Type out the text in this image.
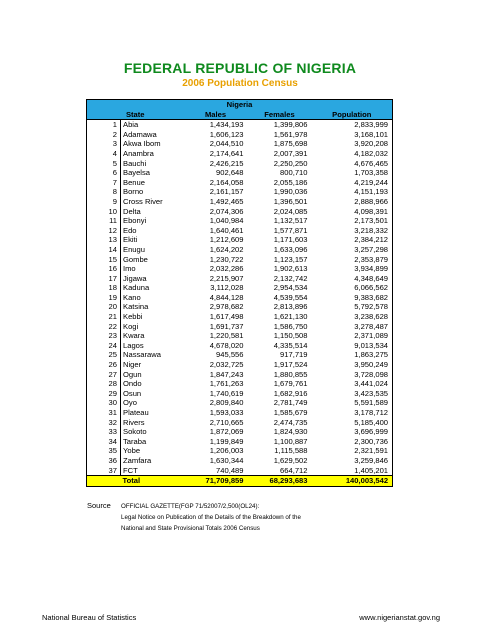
FEDERAL REPUBLIC OF NIGERIA
2006 Population Census
Nigeria				
State		Males	Females	Population
1	Abia	1,434,193	1,399,806	2,833,999
2	Adamawa	1,606,123	1,561,978	3,168,101
3	Akwa Ibom	2,044,510	1,875,698	3,920,208
4	Anambra	2,174,641	2,007,391	4,182,032
5	Bauchi	2,426,215	2,250,250	4,676,465
6	Bayelsa	902,648	800,710	1,703,358
7	Benue	2,164,058	2,055,186	4,219,244
8	Borno	2,161,157	1,990,036	4,151,193
9	Cross River	1,492,465	1,396,501	2,888,966
10	Delta	2,074,306	2,024,085	4,098,391
11	Ebonyi	1,040,984	1,132,517	2,173,501
12	Edo	1,640,461	1,577,871	3,218,332
13	Ekiti	1,212,609	1,171,603	2,384,212
14	Enugu	1,624,202	1,633,096	3,257,298
15	Gombe	1,230,722	1,123,157	2,353,879
16	Imo	2,032,286	1,902,613	3,934,899
17	Jigawa	2,215,907	2,132,742	4,348,649
18	Kaduna	3,112,028	2,954,534	6,066,562
19	Kano	4,844,128	4,539,554	9,383,682
20	Katsina	2,978,682	2,813,896	5,792,578
21	Kebbi	1,617,498	1,621,130	3,238,628
22	Kogi	1,691,737	1,586,750	3,278,487
23	Kwara	1,220,581	1,150,508	2,371,089
24	Lagos	4,678,020	4,335,514	9,013,534
25	Nassarawa	945,556	917,719	1,863,275
26	Niger	2,032,725	1,917,524	3,950,249
27	Ogun	1,847,243	1,880,855	3,728,098
28	Ondo	1,761,263	1,679,761	3,441,024
29	Osun	1,740,619	1,682,916	3,423,535
30	Oyo	2,809,840	2,781,749	5,591,589
31	Plateau	1,593,033	1,585,679	3,178,712
32	Rivers	2,710,665	2,474,735	5,185,400
33	Sokoto	1,872,069	1,824,930	3,696,999
34	Taraba	1,199,849	1,100,887	2,300,736
35	Yobe	1,206,003	1,115,588	2,321,591
36	Zamfara	1,630,344	1,629,502	3,259,846
37	FCT	740,489	664,712	1,405,201
	Total	71,709,859	68,293,683	140,003,542
Source OFFICIAL GAZETTE(FGP 71/52007/2,500(OL24):
Legal Notice on Publication of the Details of the Breakdown of the
National and State Provisional Totals 2006 Census
National Bureau of Statistics	www.nigerianstat.gov.ng
